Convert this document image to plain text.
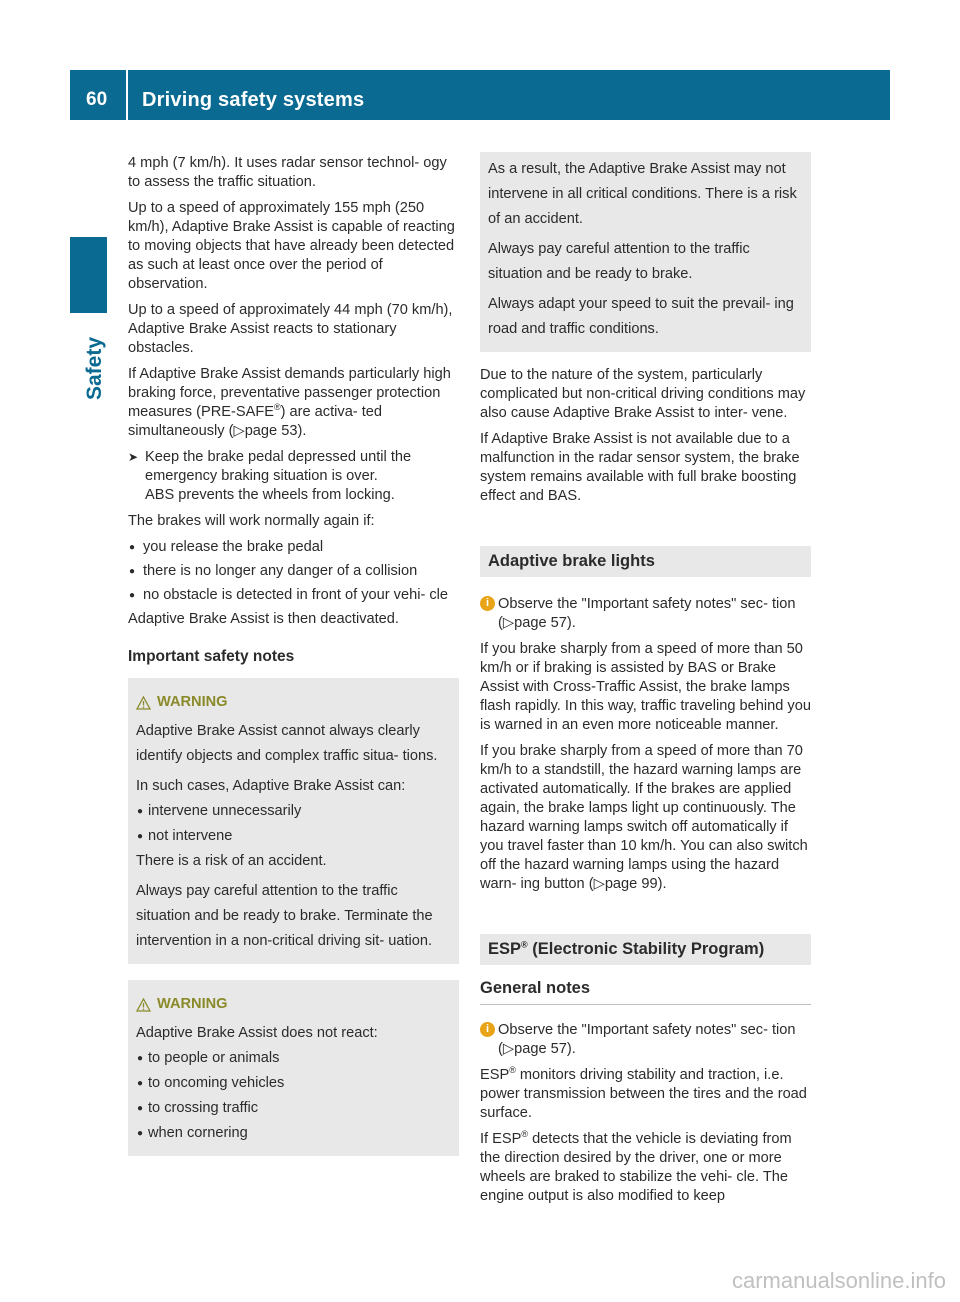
60 Driving safety systems
Safety

4 mph (7 km/h). It uses radar sensor technol- ogy to assess the traffic situation.

Up to a speed of approximately 155 mph (250 km/h), Adaptive Brake Assist is capable of reacting to moving objects that have already been detected as such at least once over the period of observation.

Up to a speed of approximately 44 mph (70 km/h), Adaptive Brake Assist reacts to stationary obstacles.

If Adaptive Brake Assist demands particularly high braking force, preventative passenger protection measures (PRE-SAFE®) are activa- ted simultaneously (▷page 53).

➤ Keep the brake pedal depressed until the emergency braking situation is over.
ABS prevents the wheels from locking.

The brakes will work normally again if:

● you release the brake pedal
● there is no longer any danger of a collision
● no obstacle is detected in front of your vehi- cle

Adaptive Brake Assist is then deactivated.

Important safety notes
WARNING

Adaptive Brake Assist cannot always clearly identify objects and complex traffic situa- tions.

In such cases, Adaptive Brake Assist can:

● intervene unnecessarily
● not intervene

There is a risk of an accident.

Always pay careful attention to the traffic situation and be ready to brake. Terminate the intervention in a non-critical driving sit- uation.

WARNING

Adaptive Brake Assist does not react:

● to people or animals
● to oncoming vehicles
● to crossing traffic
● when cornering

As a result, the Adaptive Brake Assist may not intervene in all critical conditions. There is a risk of an accident.

Always pay careful attention to the traffic situation and be ready to brake.

Always adapt your speed to suit the prevail- ing road and traffic conditions.

Due to the nature of the system, particularly complicated but non-critical driving conditions may also cause Adaptive Brake Assist to inter- vene.

If Adaptive Brake Assist is not available due to a malfunction in the radar sensor system, the brake system remains available with full brake boosting effect and BAS.

Adaptive brake lights
i Observe the "Important safety notes" sec- tion (▷page 57).

If you brake sharply from a speed of more than 50 km/h or if braking is assisted by BAS or Brake Assist with Cross-Traffic Assist, the brake lamps flash rapidly. In this way, traffic traveling behind you is warned in an even more noticeable manner.

If you brake sharply from a speed of more than 70 km/h to a standstill, the hazard warning lamps are activated automatically. If the brakes are applied again, the brake lamps light up continuously. The hazard warning lamps switch off automatically if you travel faster than 10 km/h. You can also switch off the hazard warning lamps using the hazard warn- ing button (▷page 99).

ESP® (Electronic Stability Program)
General notes
i Observe the "Important safety notes" sec- tion (▷page 57).

ESP® monitors driving stability and traction, i.e. power transmission between the tires and the road surface.

If ESP® detects that the vehicle is deviating from the direction desired by the driver, one or more wheels are braked to stabilize the vehi- cle. The engine output is also modified to keep

carmanualsonline.info
